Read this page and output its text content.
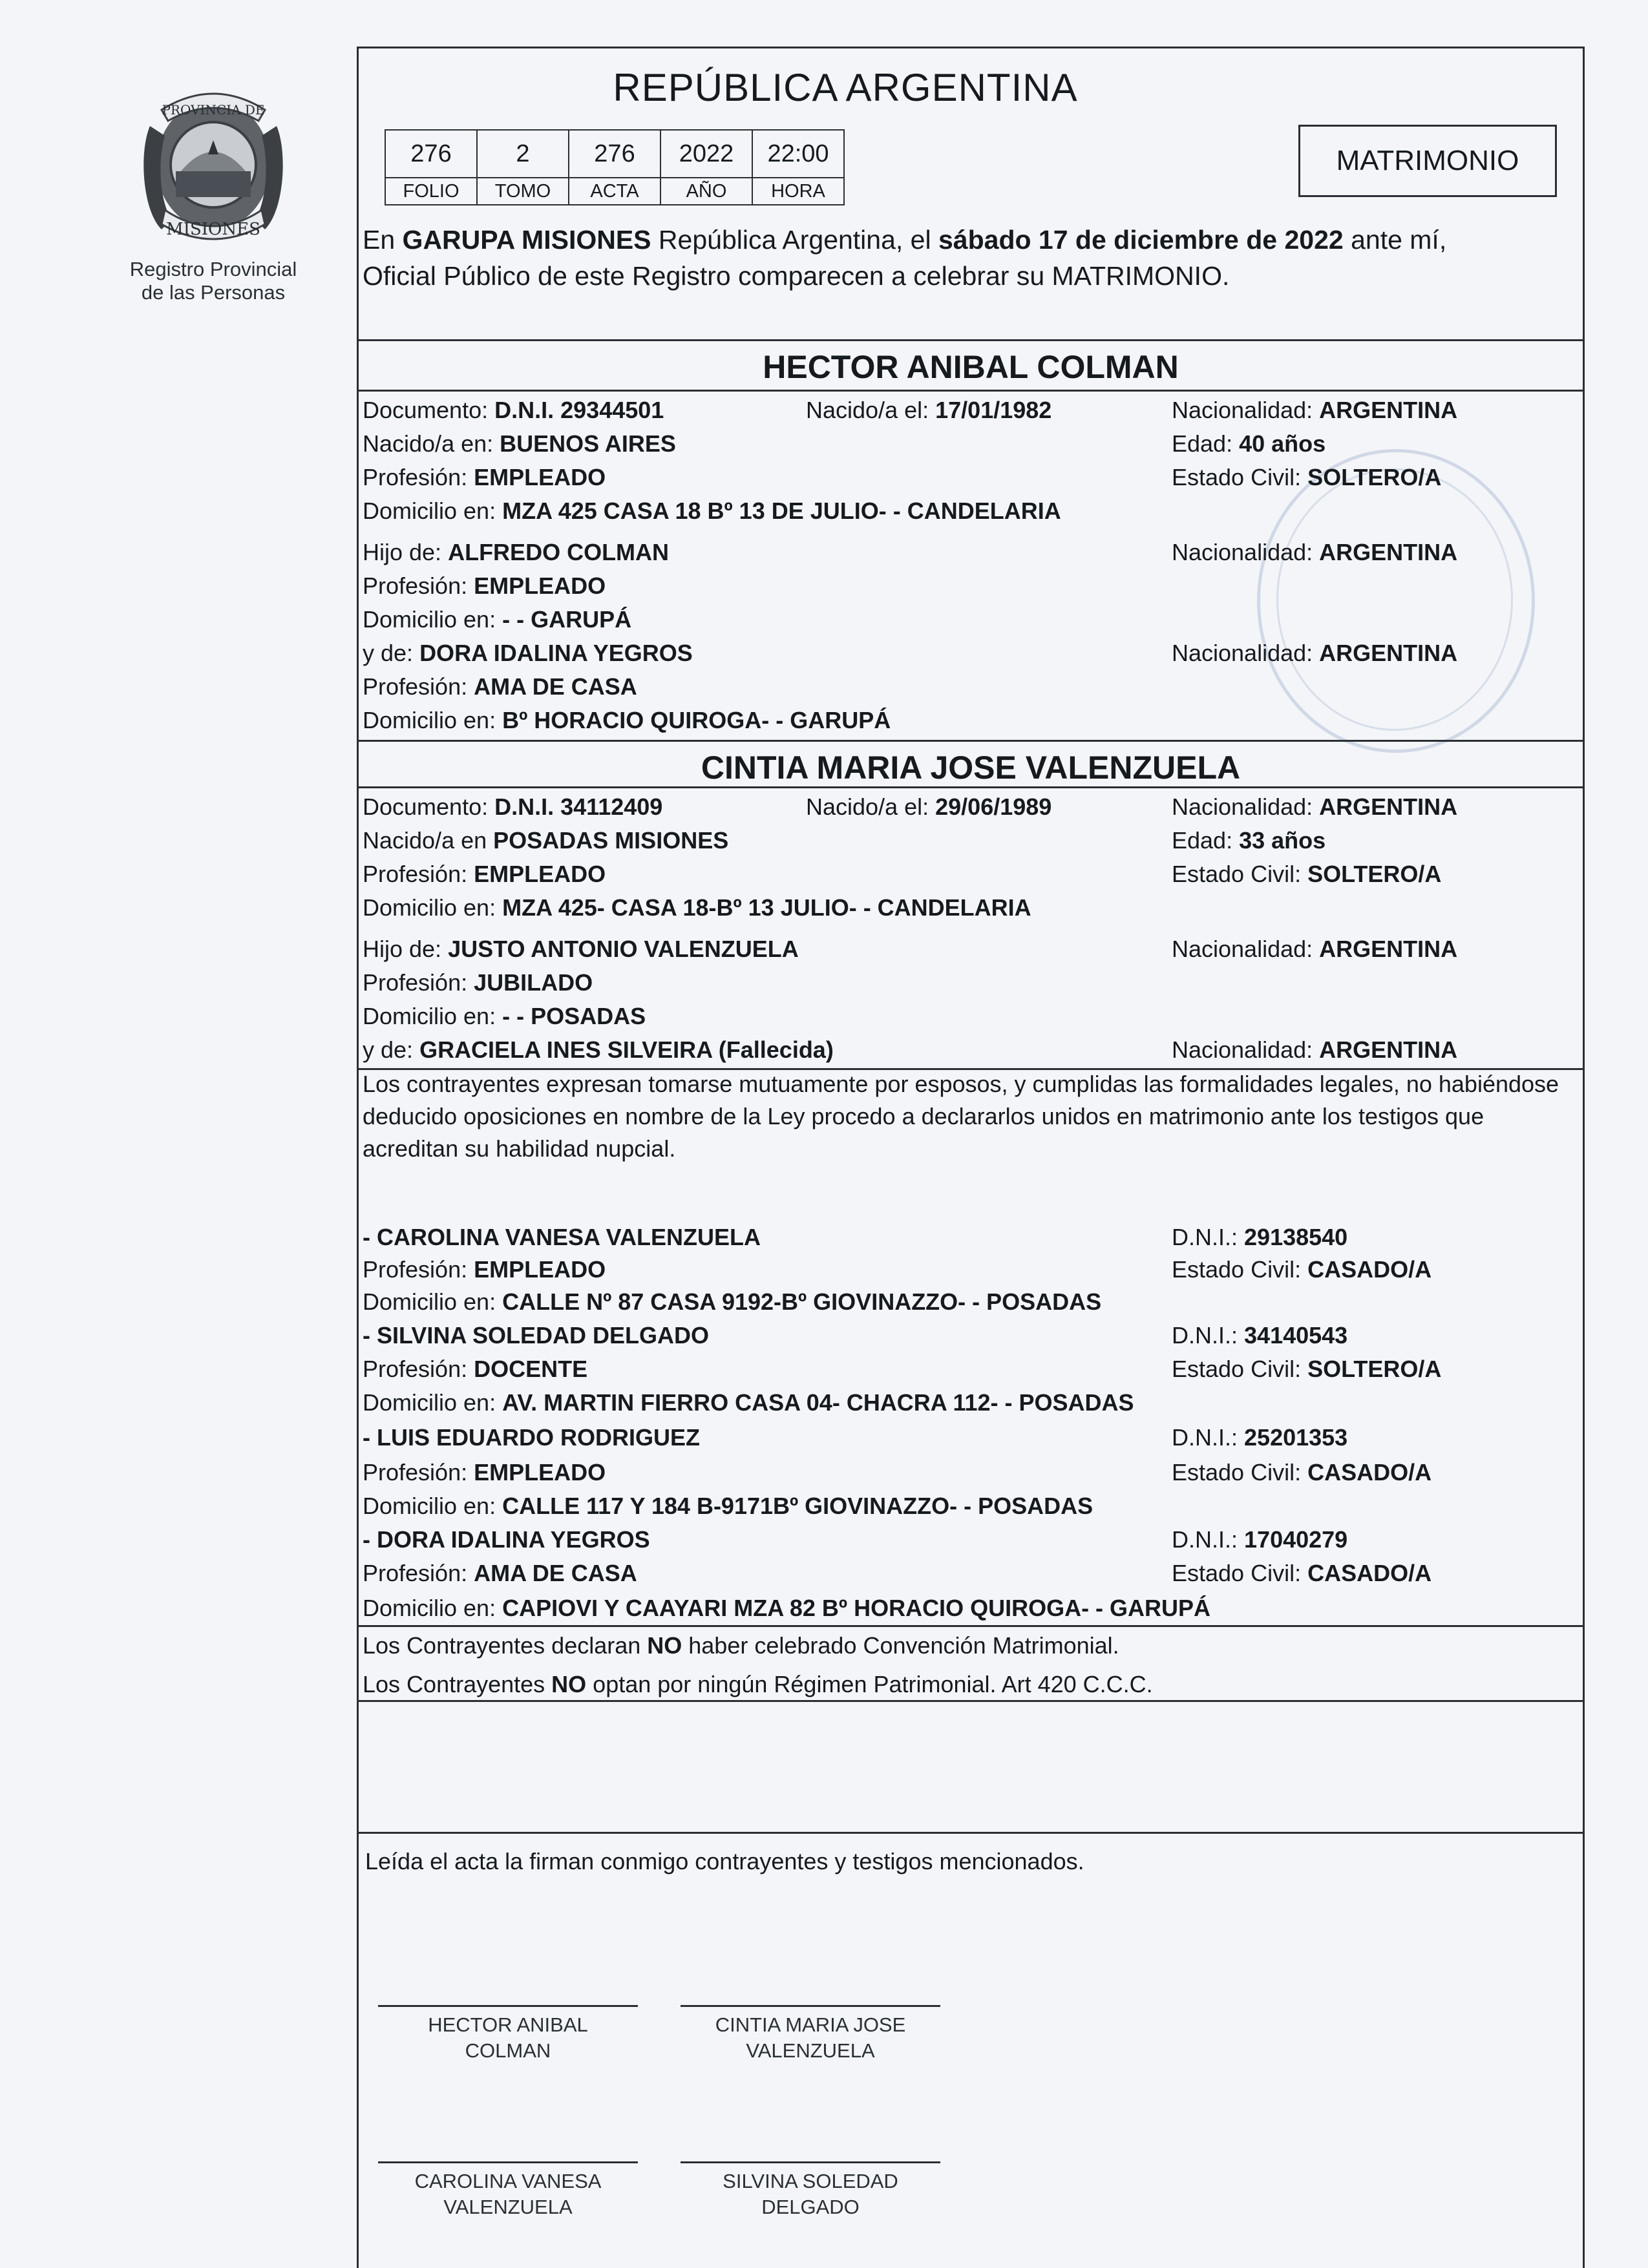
PROVINCIA DE
MISIONES
Registro Provincial
de las Personas
REPÚBLICA ARGENTINA
276	2	276	2022	22:00
FOLIO	TOMO	ACTA	AÑO	HORA
MATRIMONIO
En GARUPA MISIONES República Argentina, el sábado 17 de diciembre de 2022 ante mí,
Oficial Público de este Registro comparecen a celebrar su MATRIMONIO.
HECTOR ANIBAL COLMAN
Documento: D.N.I. 29344501	Nacido/a el: 17/01/1982	Nacionalidad: ARGENTINA
Nacido/a en: BUENOS AIRES	Edad: 40 años
Profesión: EMPLEADO	Estado Civil: SOLTERO/A
Domicilio en: MZA 425 CASA 18 Bº 13 DE JULIO- - CANDELARIA
Hijo de: ALFREDO COLMAN	Nacionalidad: ARGENTINA
Profesión: EMPLEADO
Domicilio en: - - GARUPÁ
y de: DORA IDALINA YEGROS	Nacionalidad: ARGENTINA
Profesión: AMA DE CASA
Domicilio en: Bº HORACIO QUIROGA- - GARUPÁ
CINTIA MARIA JOSE VALENZUELA
Documento: D.N.I. 34112409	Nacido/a el: 29/06/1989	Nacionalidad: ARGENTINA
Nacido/a en POSADAS MISIONES	Edad: 33 años
Profesión: EMPLEADO	Estado Civil: SOLTERO/A
Domicilio en: MZA 425- CASA 18-Bº 13 JULIO- - CANDELARIA
Hijo de: JUSTO ANTONIO VALENZUELA	Nacionalidad: ARGENTINA
Profesión: JUBILADO
Domicilio en: - - POSADAS
y de: GRACIELA INES SILVEIRA (Fallecida)	Nacionalidad: ARGENTINA
Los contrayentes expresan tomarse mutuamente por esposos, y cumplidas las formalidades legales, no habiéndose deducido oposiciones en nombre de la Ley procedo a declararlos unidos en matrimonio ante los testigos que acreditan su habilidad nupcial.
- CAROLINA VANESA VALENZUELA	D.N.I.: 29138540
Profesión: EMPLEADO	Estado Civil: CASADO/A
Domicilio en: CALLE Nº 87 CASA 9192-Bº GIOVINAZZO- - POSADAS
- SILVINA SOLEDAD DELGADO	D.N.I.: 34140543
Profesión: DOCENTE	Estado Civil: SOLTERO/A
Domicilio en: AV. MARTIN FIERRO CASA 04- CHACRA 112- - POSADAS
- LUIS EDUARDO RODRIGUEZ	D.N.I.: 25201353
Profesión: EMPLEADO	Estado Civil: CASADO/A
Domicilio en: CALLE 117 Y 184 B-9171Bº GIOVINAZZO- - POSADAS
- DORA IDALINA YEGROS	D.N.I.: 17040279
Profesión: AMA DE CASA	Estado Civil: CASADO/A
Domicilio en: CAPIOVI Y CAAYARI MZA 82 Bº HORACIO QUIROGA- - GARUPÁ
Los Contrayentes declaran NO haber celebrado Convención Matrimonial.
Los Contrayentes NO optan por ningún Régimen Patrimonial. Art 420 C.C.C.
Leída el acta la firman conmigo contrayentes y testigos mencionados.
HECTOR ANIBAL
COLMAN
CINTIA MARIA JOSE
VALENZUELA
CAROLINA VANESA
VALENZUELA
SILVINA SOLEDAD
DELGADO
